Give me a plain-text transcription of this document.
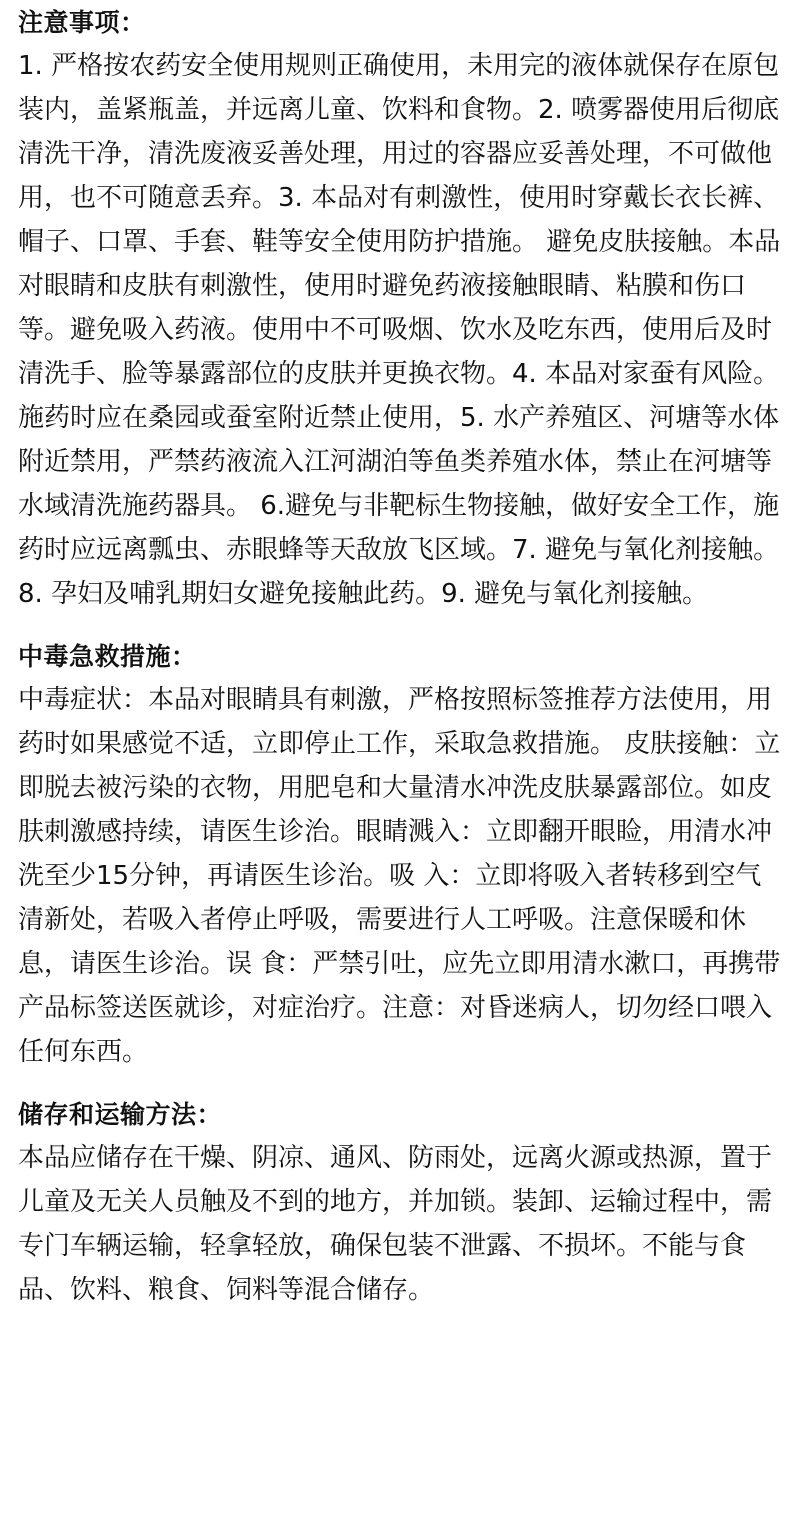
注意事项：

1. 严格按农药安全使用规则正确使用，未用完的液体就保存在原包装内，盖紧瓶盖，并远离儿童、饮料和食物。2. 喷雾器使用后彻底清洗干净，清洗废液妥善处理，用过的容器应妥善处理，不可做他用，也不可随意丢弃。3. 本品对有刺激性，使用时穿戴长衣长裤、帽子、口罩、手套、鞋等安全使用防护措施。 避免皮肤接触。本品对眼睛和皮肤有刺激性，使用时避免药液接触眼睛、粘膜和伤口等。避免吸入药液。使用中不可吸烟、饮水及吃东西，使用后及时清洗手、脸等暴露部位的皮肤并更换衣物。4. 本品对家蚕有风险。施药时应在桑园或蚕室附近禁止使用，5. 水产养殖区、河塘等水体附近禁用，严禁药液流入江河湖泊等鱼类养殖水体，禁止在河塘等水域清洗施药器具。 6.避免与非靶标生物接触，做好安全工作，施药时应远离瓢虫、赤眼蜂等天敌放飞区域。7. 避免与氧化剂接触。8. 孕妇及哺乳期妇女避免接触此药。9. 避免与氧化剂接触。

中毒急救措施：

中毒症状：本品对眼睛具有刺激，严格按照标签推荐方法使用，用药时如果感觉不适，立即停止工作，采取急救措施。 皮肤接触：立即脱去被污染的衣物，用肥皂和大量清水冲洗皮肤暴露部位。如皮肤刺激感持续，请医生诊治。眼睛溅入：立即翻开眼睑，用清水冲洗至少15分钟，再请医生诊治。吸 入：立即将吸入者转移到空气清新处，若吸入者停止呼吸，需要进行人工呼吸。注意保暖和休息，请医生诊治。误 食：严禁引吐，应先立即用清水漱口，再携带产品标签送医就诊，对症治疗。注意：对昏迷病人，切勿经口喂入任何东西。

储存和运输方法：

本品应储存在干燥、阴凉、通风、防雨处，远离火源或热源，置于儿童及无关人员触及不到的地方，并加锁。装卸、运输过程中，需专门车辆运输，轻拿轻放，确保包装不泄露、不损坏。不能与食品、饮料、粮食、饲料等混合储存。
